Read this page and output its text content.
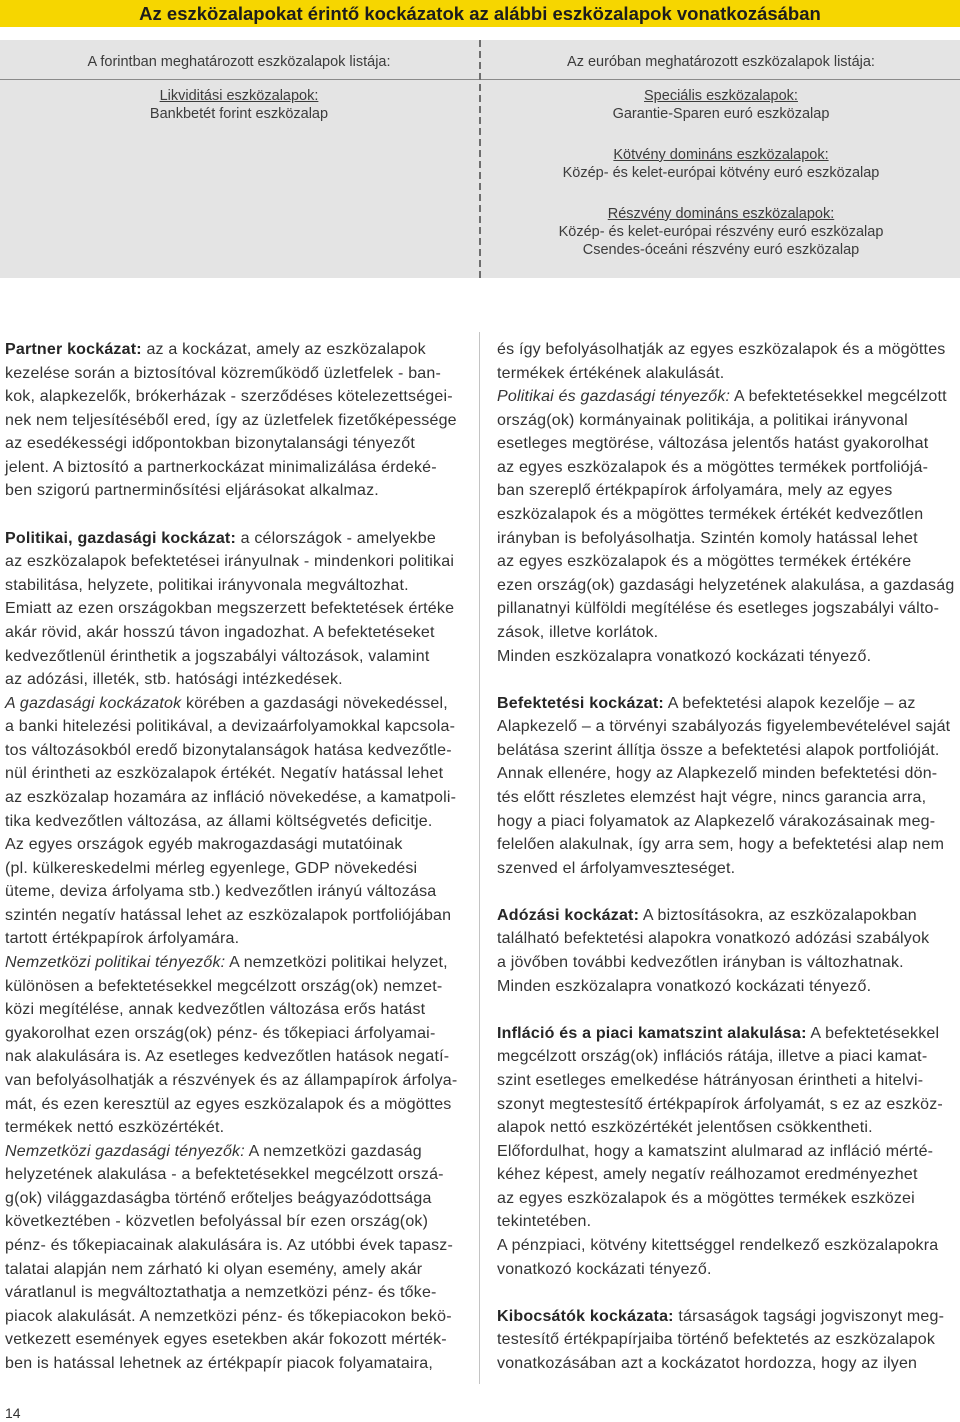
Az eszközalapokat érintő kockázatok az alábbi eszközalapok vonatkozásában
A forintban meghatározott eszközalapok listája:
Likviditási eszközalapok:
Bankbetét forint eszközalap
Az euróban meghatározott eszközalapok listája:
Speciális eszközalapok:
Garantie-Sparen euró eszközalap
Kötvény domináns eszközalapok:
Közép- és kelet-európai kötvény euró eszközalap
Részvény domináns eszközalapok:
Közép- és kelet-európai részvény euró eszközalap
Csendes-óceáni részvény euró eszközalap
Partner kockázat: az a kockázat, amely az eszközalapok
kezelése során a biztosítóval közreműködő üzletfelek - ban-
kok, alapkezelők, brókerházak - szerződéses kötelezettségei-
nek nem teljesítéséből ered, így az üzletfelek fizetőképessége
az esedékességi időpontokban bizonytalansági tényezőt
jelent. A biztosító a partnerkockázat minimalizálása érdeké-
ben szigorú partnerminősítési eljárásokat alkalmaz.
Politikai, gazdasági kockázat: a célországok - amelyekbe
az eszközalapok befektetései irányulnak - mindenkori politikai
stabilitása, helyzete, politikai irányvonala megváltozhat.
Emiatt az ezen országokban megszerzett befektetések értéke
akár rövid, akár hosszú távon ingadozhat. A befektetéseket
kedvezőtlenül érinthetik a jogszabályi változások, valamint
az adózási, illeték, stb. hatósági intézkedések.
A gazdasági kockázatok körében a gazdasági növekedéssel,
a banki hitelezési politikával, a devizaárfolyamokkal kapcsola-
tos változásokból eredő bizonytalanságok hatása kedvezőtle-
nül érintheti az eszközalapok értékét. Negatív hatással lehet
az eszközalap hozamára az infláció növekedése, a kamatpoli-
tika kedvezőtlen változása, az állami költségvetés deficitje.
Az egyes országok egyéb makrogazdasági mutatóinak
(pl. külkereskedelmi mérleg egyenlege, GDP növekedési
üteme, deviza árfolyama stb.) kedvezőtlen irányú változása
szintén negatív hatással lehet az eszközalapok portfoliójában
tartott értékpapírok árfolyamára.
Nemzetközi politikai tényezők: A nemzetközi politikai helyzet,
különösen a befektetésekkel megcélzott ország(ok) nemzet-
közi megítélése, annak kedvezőtlen változása erős hatást
gyakorolhat ezen ország(ok) pénz- és tőkepiaci árfolyamai-
nak alakulására is. Az esetleges kedvezőtlen hatások negatí-
van befolyásolhatják a részvények és az állampapírok árfolya-
mát, és ezen keresztül az egyes eszközalapok és a mögöttes
termékek nettó eszközértékét.
Nemzetközi gazdasági tényezők: A nemzetközi gazdaság
helyzetének alakulása - a befektetésekkel megcélzott orszá-
g(ok) világgazdaságba történő erőteljes beágyazódottsága
következtében - közvetlen befolyással bír ezen ország(ok)
pénz- és tőkepiacainak alakulására is. Az utóbbi évek tapasz-
talatai alapján nem zárható ki olyan esemény, amely akár
váratlanul is megváltoztathatja a nemzetközi pénz- és tőke-
piacok alakulását. A nemzetközi pénz- és tőkepiacokon bekö-
vetkezett események egyes esetekben akár fokozott mérték-
ben is hatással lehetnek az értékpapír piacok folyamataira,
és így befolyásolhatják az egyes eszközalapok és a mögöttes
termékek értékének alakulását.
Politikai és gazdasági tényezők: A befektetésekkel megcélzott
ország(ok) kormányainak politikája, a politikai irányvonal
esetleges megtörése, változása jelentős hatást gyakorolhat
az egyes eszközalapok és a mögöttes termékek portfoliójá-
ban szereplő értékpapírok árfolyamára, mely az egyes
eszközalapok és a mögöttes termékek értékét kedvezőtlen
irányban is befolyásolhatja. Szintén komoly hatással lehet
az egyes eszközalapok és a mögöttes termékek értékére
ezen ország(ok) gazdasági helyzetének alakulása, a gazdaság
pillanatnyi külföldi megítélése és esetleges jogszabályi válto-
zások, illetve korlátok.
Minden eszközalapra vonatkozó kockázati tényező.
Befektetési kockázat: A befektetési alapok kezelője – az
Alapkezelő – a törvényi szabályozás figyelembevételével saját
belátása szerint állítja össze a befektetési alapok portfolióját.
Annak ellenére, hogy az Alapkezelő minden befektetési dön-
tés előtt részletes elemzést hajt végre, nincs garancia arra,
hogy a piaci folyamatok az Alapkezelő várakozásainak meg-
felelően alakulnak, így arra sem, hogy a befektetési alap nem
szenved el árfolyamveszteséget.
Adózási kockázat: A biztosításokra, az eszközalapokban
található befektetési alapokra vonatkozó adózási szabályok
a jövőben további kedvezőtlen irányban is változhatnak.
Minden eszközalapra vonatkozó kockázati tényező.
Infláció és a piaci kamatszint alakulása: A befektetésekkel
megcélzott ország(ok) inflációs rátája, illetve a piaci kamat-
szint esetleges emelkedése hátrányosan érintheti a hitelvi-
szonyt megtestesítő értékpapírok árfolyamát, s ez az eszköz-
alapok nettó eszközértékét jelentősen csökkentheti.
Előfordulhat, hogy a kamatszint alulmarad az infláció mérté-
kéhez képest, amely negatív reálhozamot eredményezhet
az egyes eszközalapok és a mögöttes termékek eszközei
tekintetében.
A pénzpiaci, kötvény kitettséggel rendelkező eszközalapokra
vonatkozó kockázati tényező.
Kibocsátók kockázata: társaságok tagsági jogviszonyt meg-
testesítő értékpapírjaiba történő befektetés az eszközalapok
vonatkozásában azt a kockázatot hordozza, hogy az ilyen
14
